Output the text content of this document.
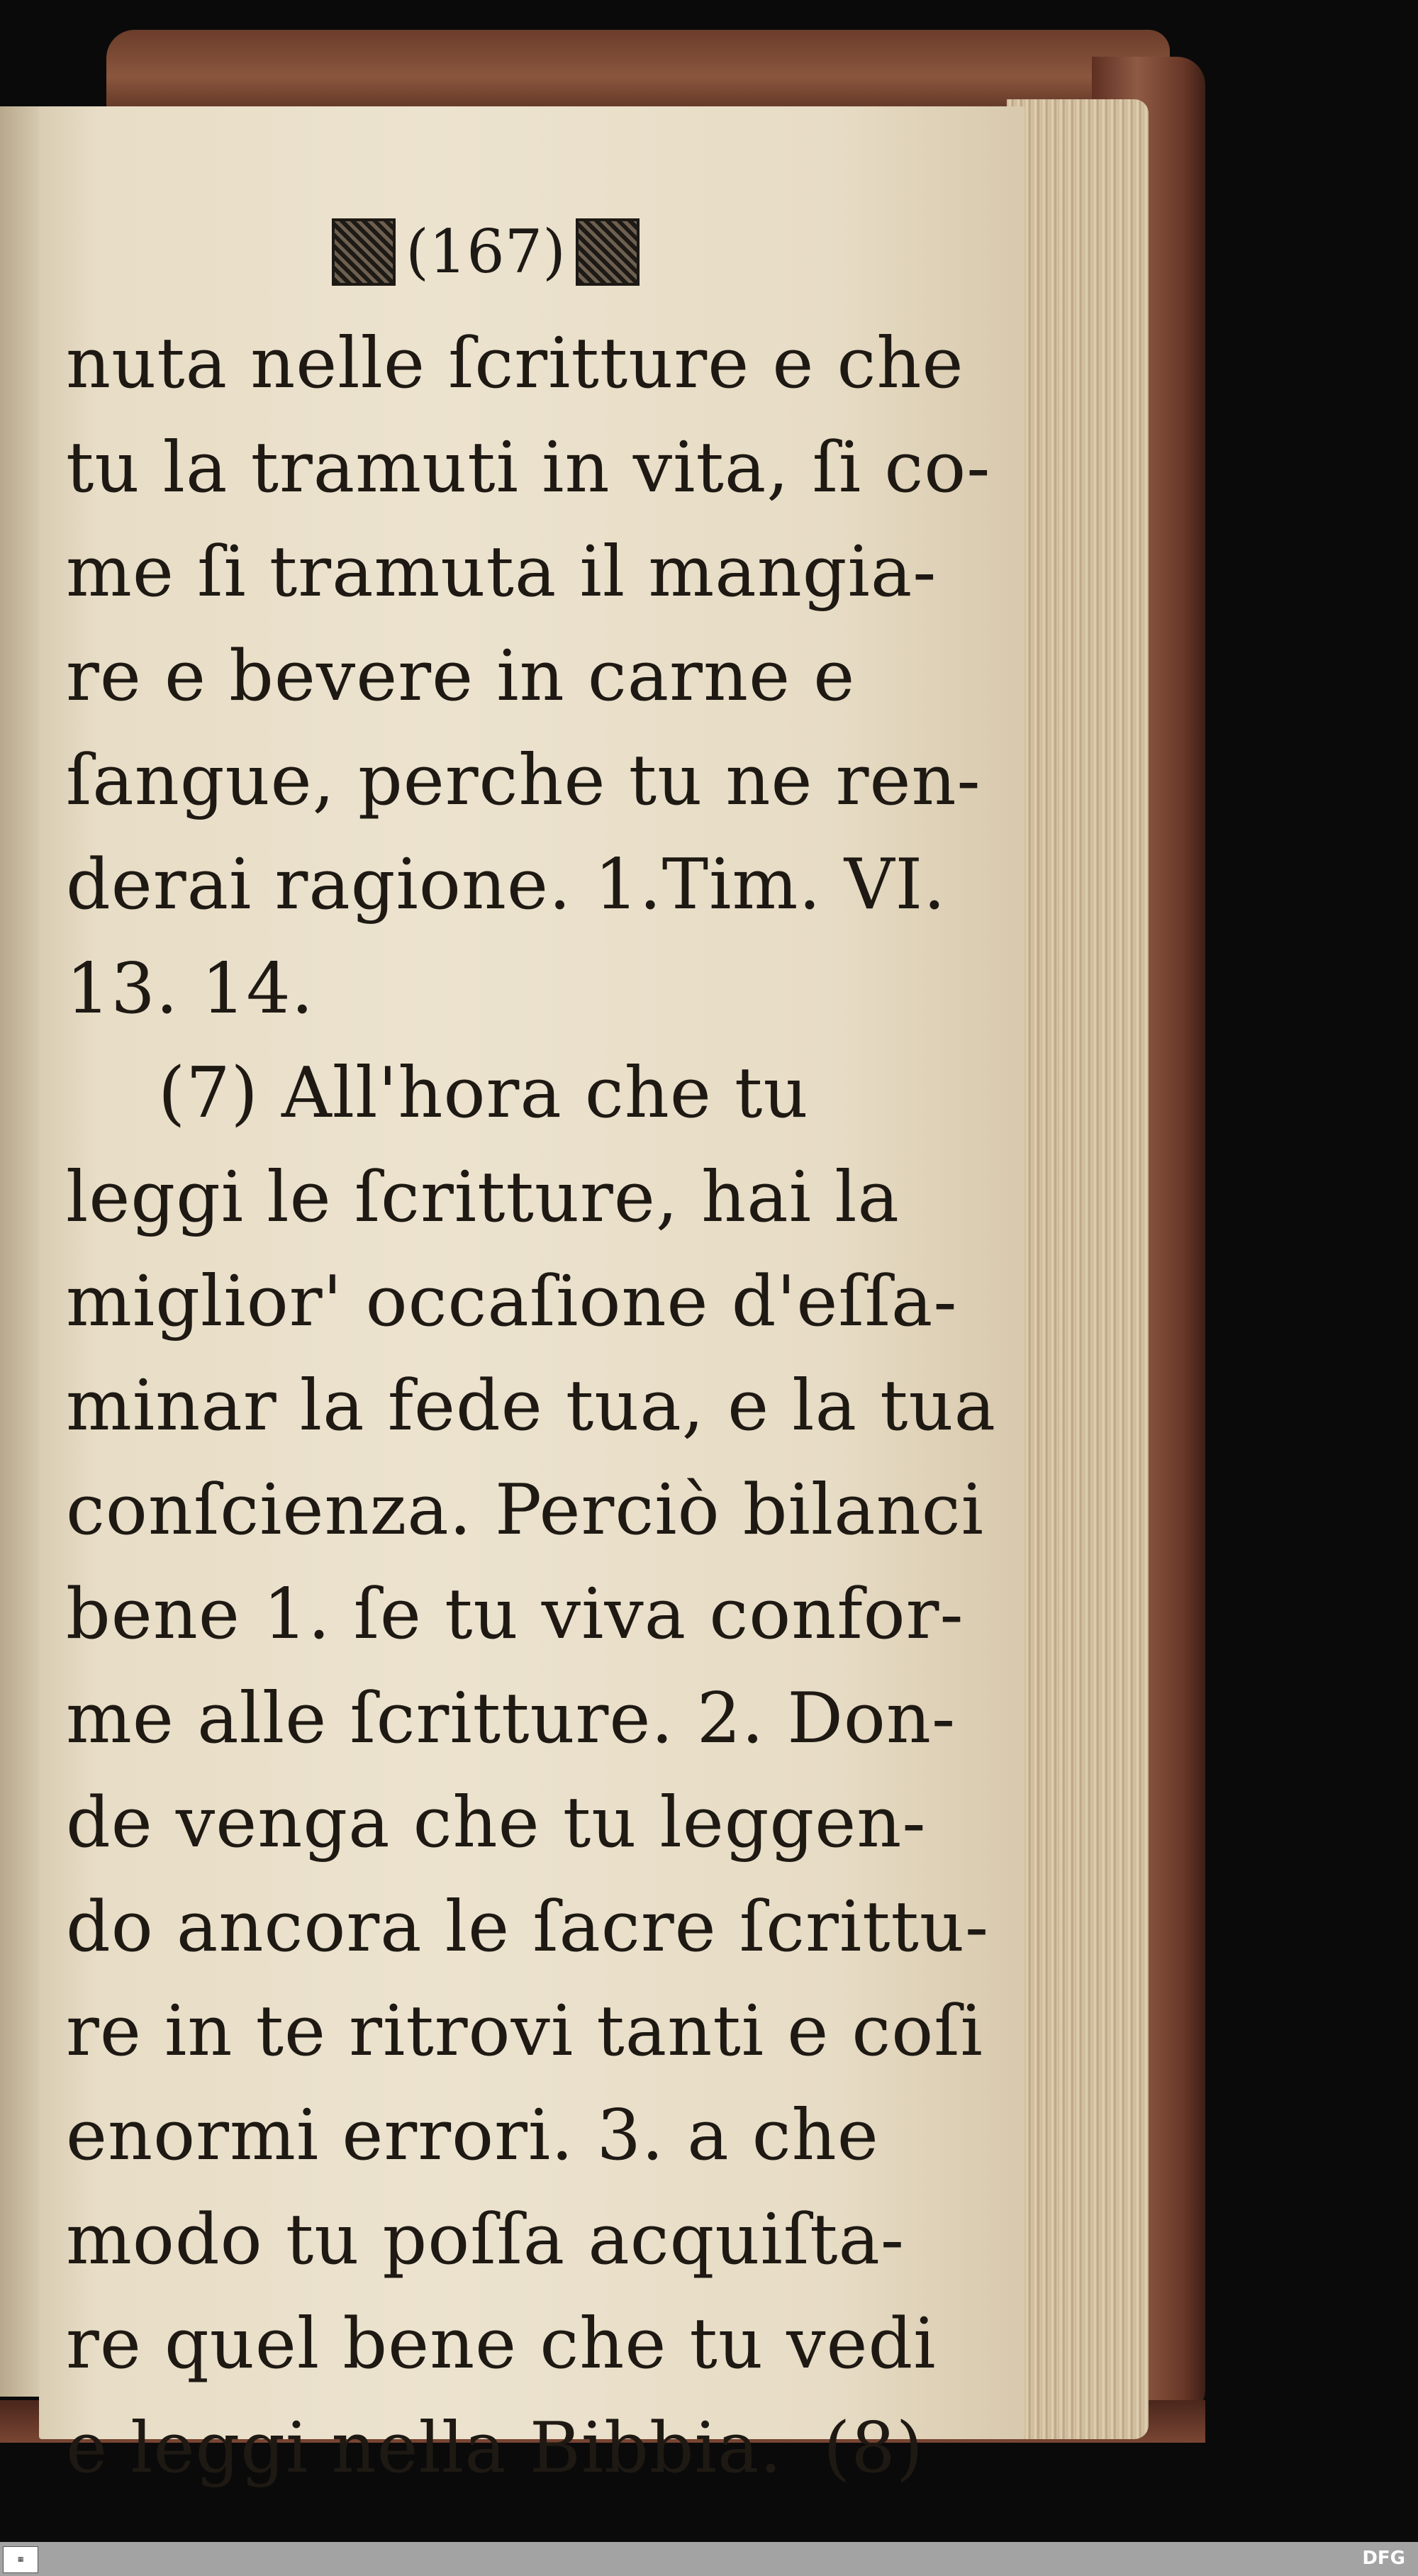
(167)
nuta nelle ſcritture e che
tu la tramuti in vita, ſi co-
me ſi tramuta il mangia-
re e bevere in carne e
ſangue, perche tu ne ren-
derai ragione. 1.Tim. VI.
13. 14.
(7) All'hora che tu
leggi le ſcritture, hai la
miglior' occaſione d'eſſa-
minar la fede tua, e la tua
conſcienza. Perciò bilanci
bene 1. ſe tu viva confor-
me alle ſcritture. 2. Don-
de venga che tu leggen-
do ancora le ſacre ſcrittu-
re in te ritrovi tanti e coſi
enormi errori. 3. a che
modo tu poſſa acquiſta-
re quel bene che tu vedi
e leggi nella Bibbia. (8)
▦	DFG
